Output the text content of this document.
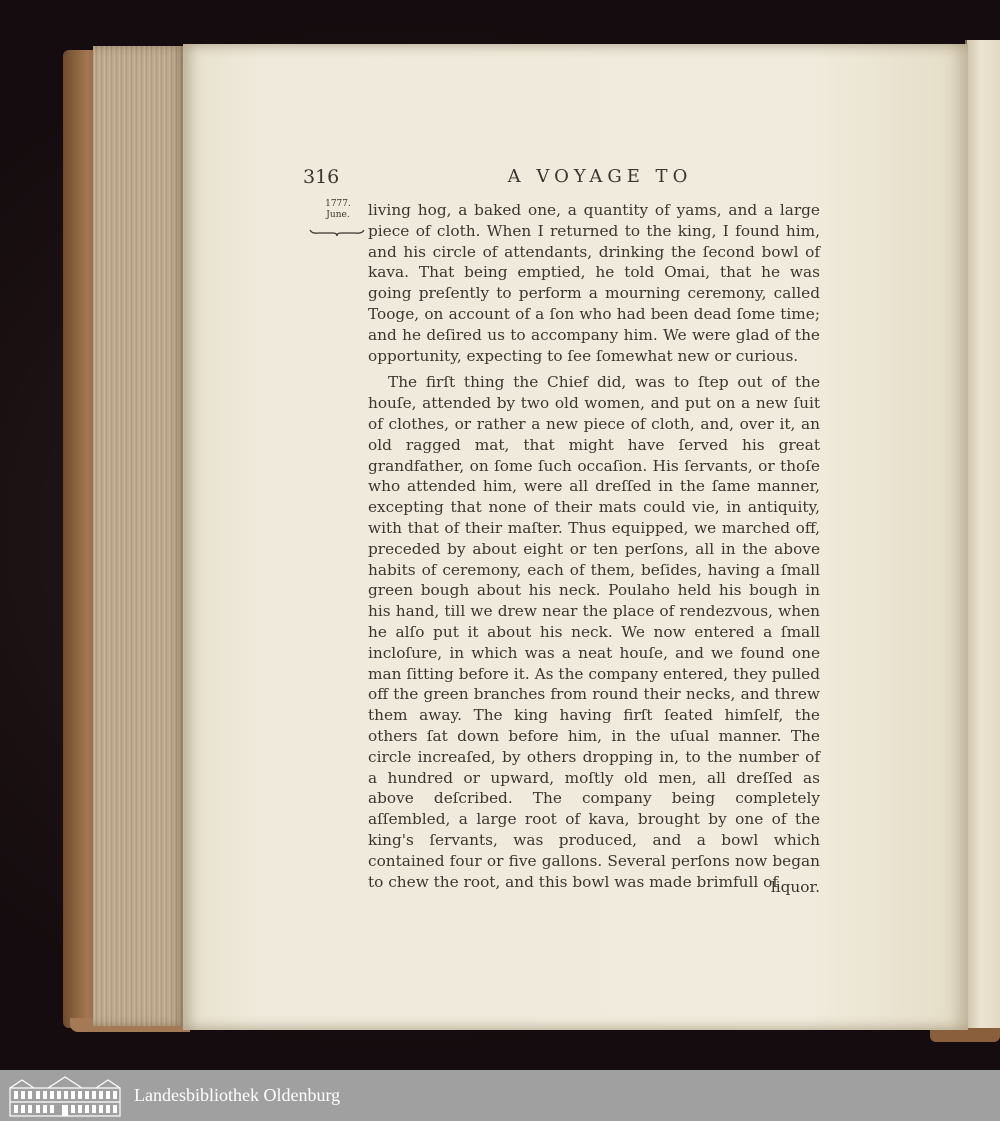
316	A VOYAGE TO
1777.
June.	living hog, a baked one, a quantity of yams, and a large piece of cloth. When I returned to the king, I found him, and his circle of attendants, drinking the ſecond bowl of kava. That being emptied, he told Omai, that he was going preſently to perform a mourning ceremony, called Tooge, on account of a ſon who had been dead ſome time; and he deſired us to accompany him. We were glad of the opportunity, expecting to ſee ſomewhat new or curious.

The firſt thing the Chief did, was to ſtep out of the houſe, attended by two old women, and put on a new ſuit of clothes, or rather a new piece of cloth, and, over it, an old ragged mat, that might have ſerved his great grandfather, on ſome ſuch occaſion. His ſervants, or thoſe who attended him, were all dreſſed in the ſame manner, excepting that none of their mats could vie, in antiquity, with that of their maſter. Thus equipped, we marched off, preceded by about eight or ten perſons, all in the above habits of ceremony, each of them, beſides, having a ſmall green bough about his neck. Poulaho held his bough in his hand, till we drew near the place of rendezvous, when he alſo put it about his neck. We now entered a ſmall incloſure, in which was a neat houſe, and we found one man ſitting before it. As the company entered, they pulled off the green branches from round their necks, and threw them away. The king having firſt ſeated himſelf, the others ſat down before him, in the uſual manner. The circle increaſed, by others dropping in, to the number of a hundred or upward, moſtly old men, all dreſſed as above deſcribed. The company being completely aſſembled, a large root of kava, brought by one of the king's ſervants, was produced, and a bowl which contained four or five gallons. Several perſons now began to chew the root, and this bowl was made brimfull of

liquor.
Landesbibliothek Oldenburg
